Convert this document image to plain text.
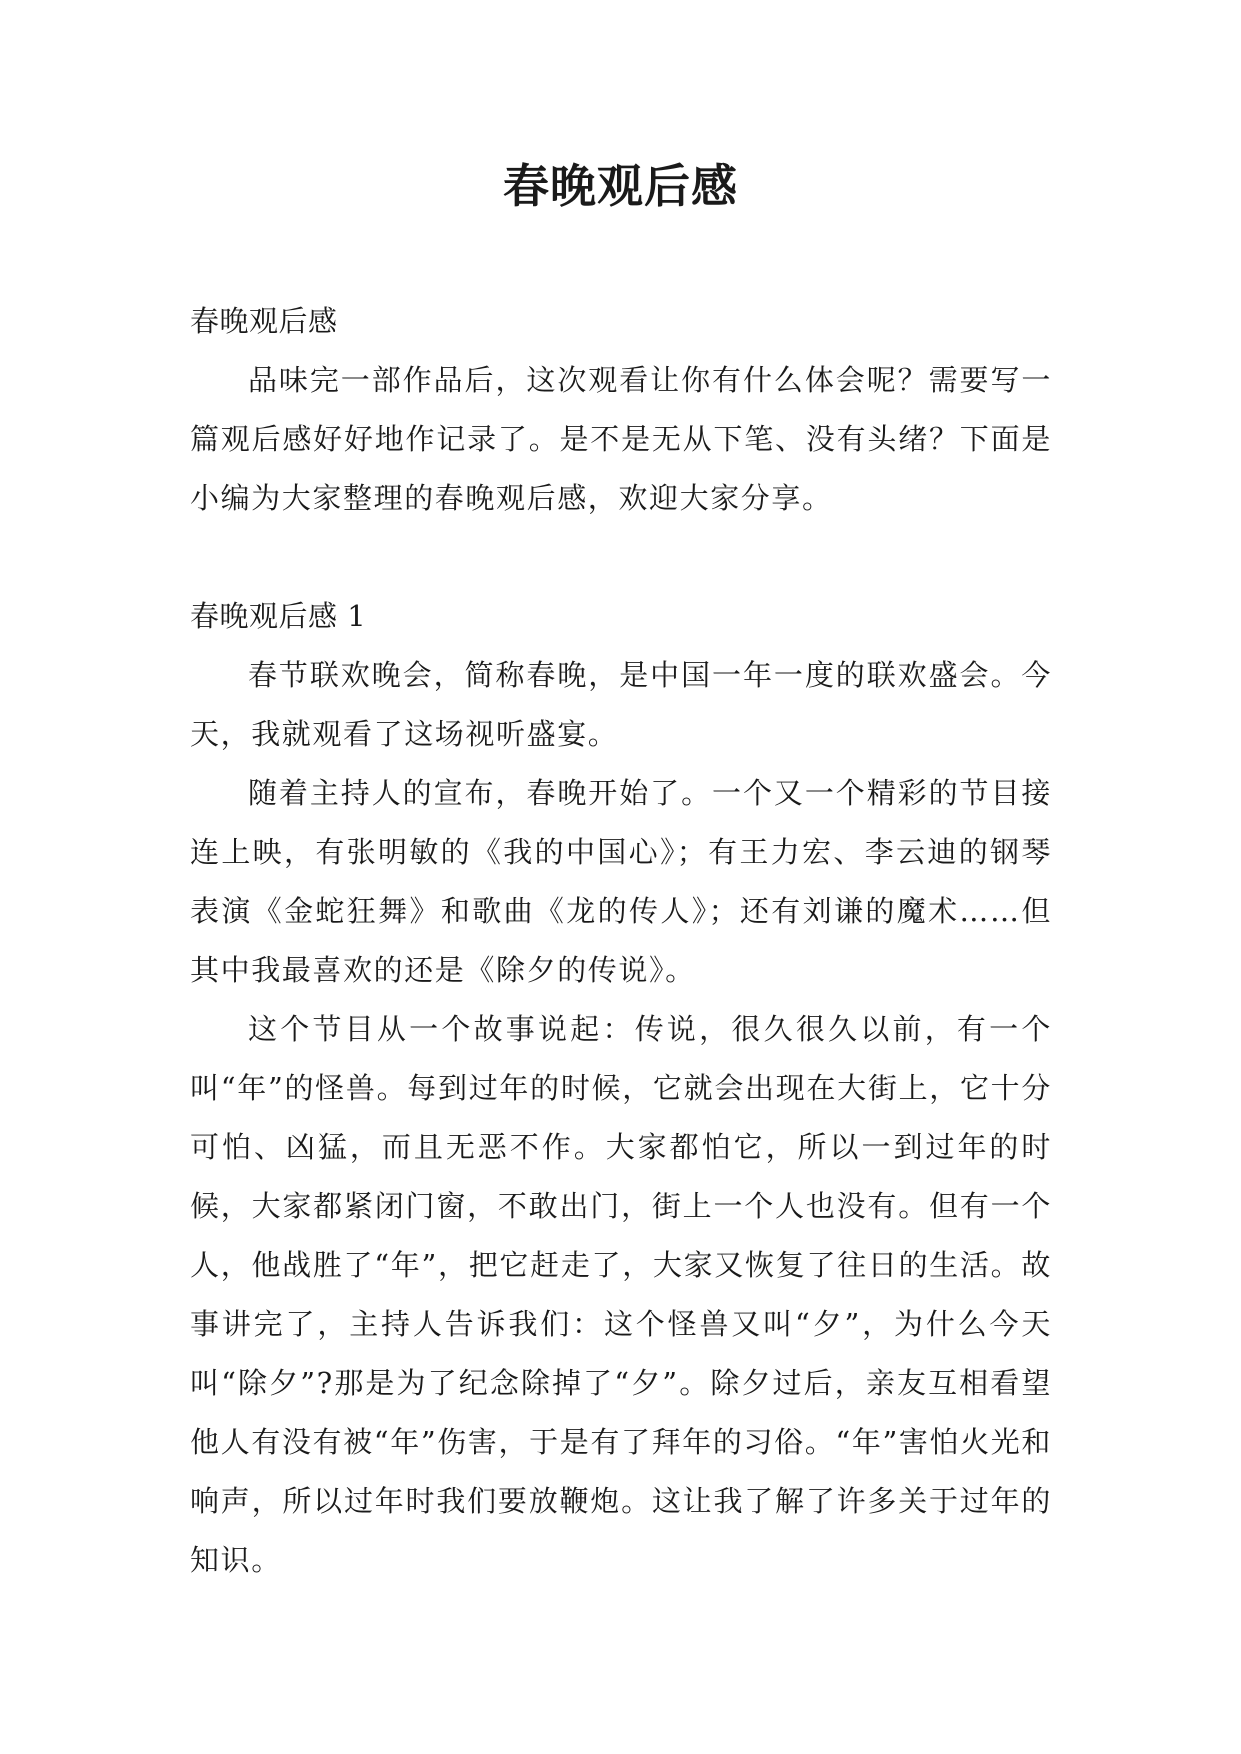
春晚观后感

春晚观后感

品味完一部作品后，这次观看让你有什么体会呢？需要写一篇观后感好好地作记录了。是不是无从下笔、没有头绪？下面是小编为大家整理的春晚观后感，欢迎大家分享。

春晚观后感 1

春节联欢晚会，简称春晚，是中国一年一度的联欢盛会。今天，我就观看了这场视听盛宴。

随着主持人的宣布，春晚开始了。一个又一个精彩的节目接连上映，有张明敏的《我的中国心》；有王力宏、李云迪的钢琴表演《金蛇狂舞》和歌曲《龙的传人》；还有刘谦的魔术……但其中我最喜欢的还是《除夕的传说》。

这个节目从一个故事说起：传说，很久很久以前，有一个叫“年”的怪兽。每到过年的时候，它就会出现在大街上，它十分可怕、凶猛，而且无恶不作。大家都怕它，所以一到过年的时候，大家都紧闭门窗，不敢出门，街上一个人也没有。但有一个人，他战胜了“年”，把它赶走了，大家又恢复了往日的生活。故事讲完了，主持人告诉我们：这个怪兽又叫“夕”，为什么今天叫“除夕”?那是为了纪念除掉了“夕”。除夕过后，亲友互相看望他人有没有被“年”伤害，于是有了拜年的习俗。“年”害怕火光和响声，所以过年时我们要放鞭炮。这让我了解了许多关于过年的知识。
